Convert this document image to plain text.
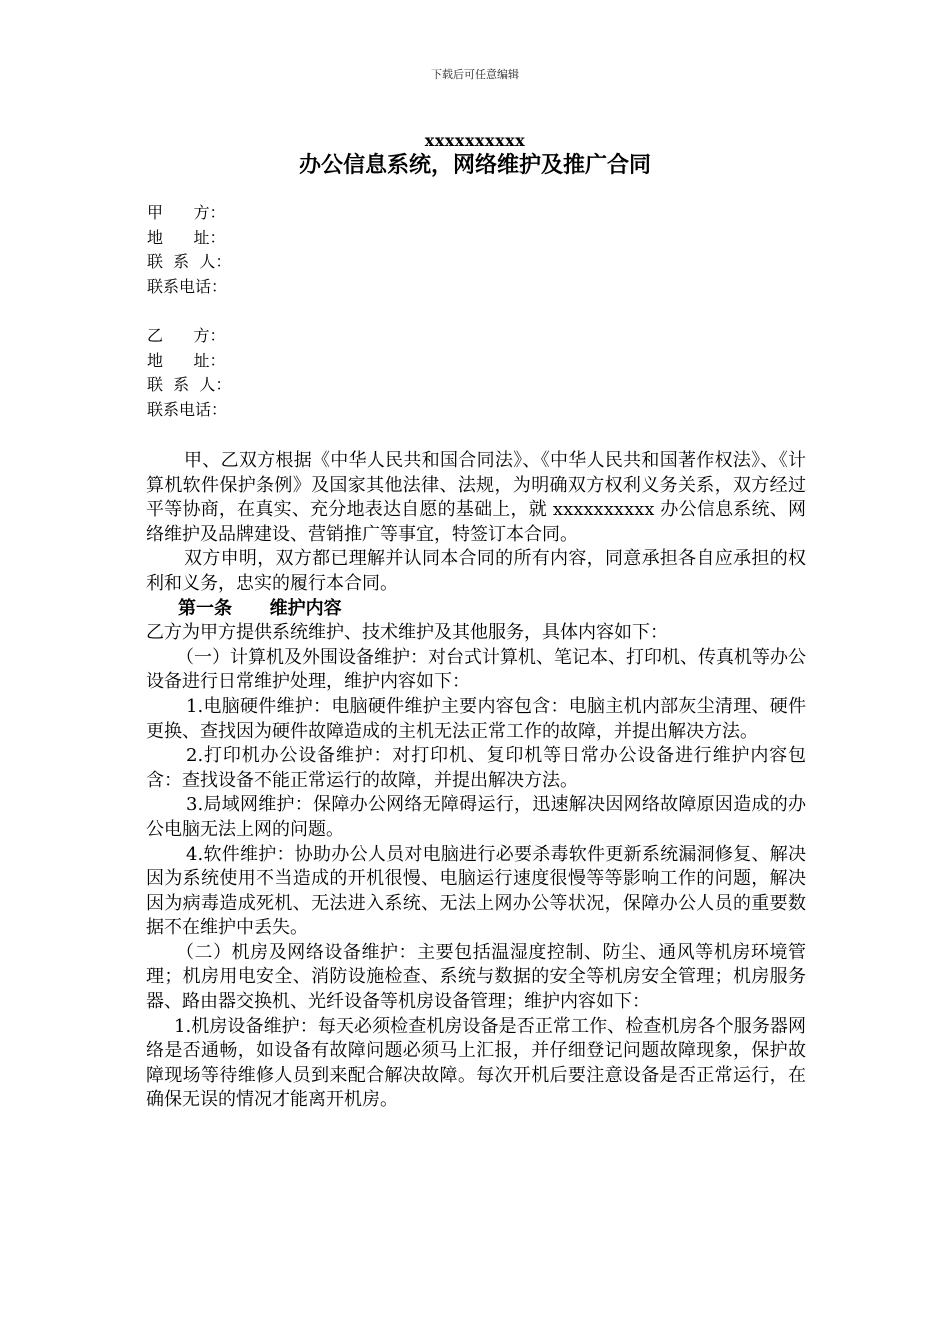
下载后可任意编辑
xxxxxxxxxx
办公信息系统，网络维护及推广合同
甲      方：
地      址：
联  系  人：
联系电话：
乙      方：
地      址：
联  系  人：
联系电话：

甲、乙双方根据《中华人民共和国合同法》、《中华人民共和国著作权法》、《计算机软件保护条例》及国家其他法律、法规，为明确双方权利义务关系，双方经过平等协商，在真实、充分地表达自愿的基础上，就 xxxxxxxxxx 办公信息系统、网络维护及品牌建设、营销推广等事宜，特签订本合同。

双方申明，双方都已理解并认同本合同的所有内容，同意承担各自应承担的权利和义务，忠实的履行本合同。

第一条      维护内容

乙方为甲方提供系统维护、技术维护及其他服务，具体内容如下：

（一）计算机及外围设备维护：对台式计算机、笔记本、打印机、传真机等办公设备进行日常维护处理，维护内容如下：

1.电脑硬件维护：电脑硬件维护主要内容包含：电脑主机内部灰尘清理、硬件更换、查找因为硬件故障造成的主机无法正常工作的故障，并提出解决方法。

2.打印机办公设备维护：对打印机、复印机等日常办公设备进行维护内容包含：查找设备不能正常运行的故障，并提出解决方法。

3.局域网维护：保障办公网络无障碍运行，迅速解决因网络故障原因造成的办公电脑无法上网的问题。

4.软件维护：协助办公人员对电脑进行必要杀毒软件更新系统漏洞修复、解决因为系统使用不当造成的开机很慢、电脑运行速度很慢等等影响工作的问题，解决因为病毒造成死机、无法进入系统、无法上网办公等状况，保障办公人员的重要数据不在维护中丢失。

（二）机房及网络设备维护：主要包括温湿度控制、防尘、通风等机房环境管理；机房用电安全、消防设施检查、系统与数据的安全等机房安全管理；机房服务器、路由器交换机、光纤设备等机房设备管理；维护内容如下：

1.机房设备维护：每天必须检查机房设备是否正常工作、检查机房各个服务器网络是否通畅，如设备有故障问题必须马上汇报，并仔细登记问题故障现象，保护故障现场等待维修人员到来配合解决故障。每次开机后要注意设备是否正常运行，在确保无误的情况才能离开机房。
